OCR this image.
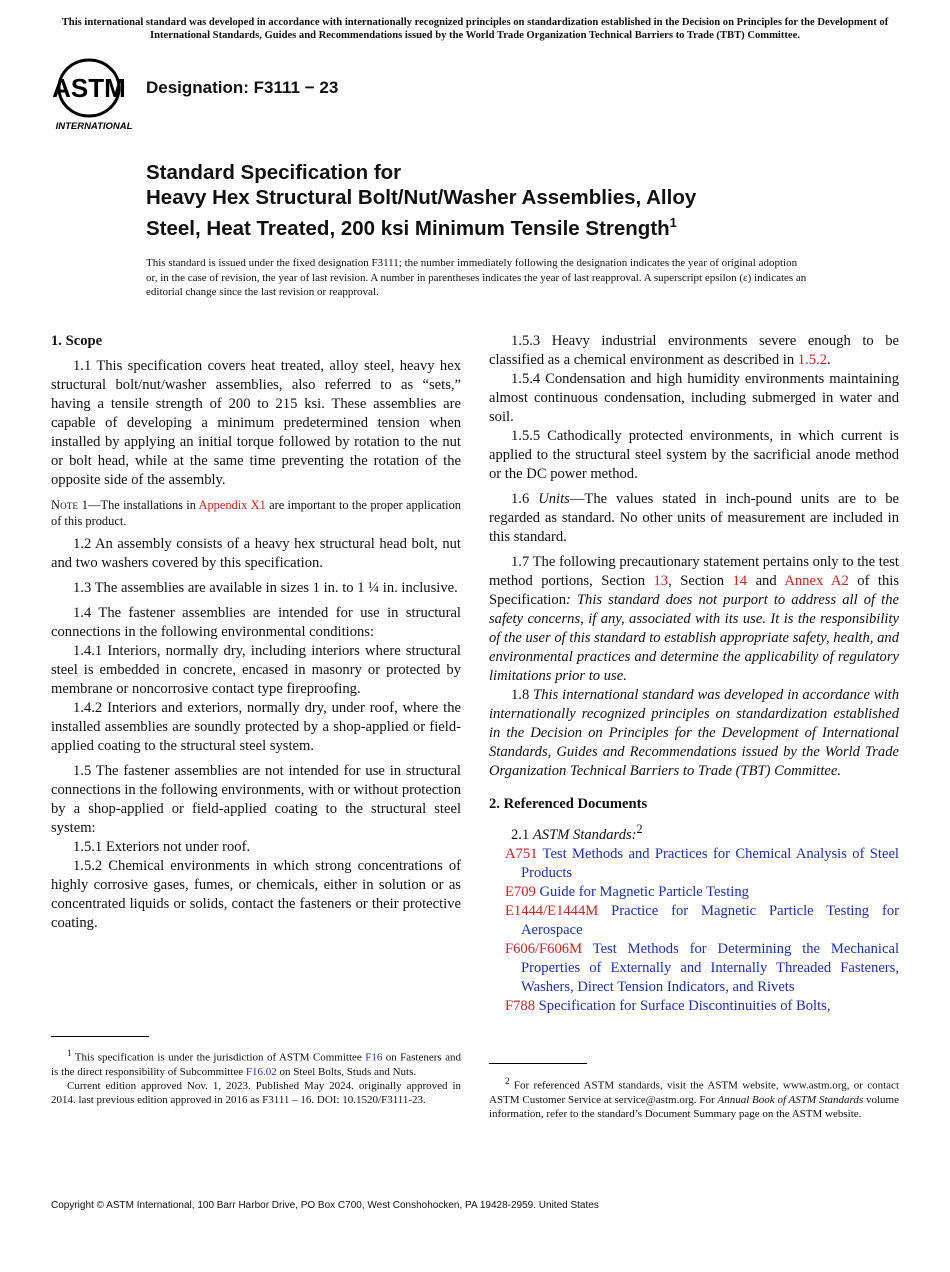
This international standard was developed in accordance with internationally recognized principles on standardization established in the Decision on Principles for the Development of International Standards, Guides and Recommendations issued by the World Trade Organization Technical Barriers to Trade (TBT) Committee.
ASTM
INTERNATIONAL
Designation: F3111 − 23
Standard Specification for
Heavy Hex Structural Bolt/Nut/Washer Assemblies, Alloy
Steel, Heat Treated, 200 ksi Minimum Tensile Strength$^1$
This standard is issued under the fixed designation F3111; the number immediately following the designation indicates the year of original adoption or, in the case of revision, the year of last revision. A number in parentheses indicates the year of last reapproval. A superscript epsilon (ε) indicates an editorial change since the last revision or reapproval.
1. Scope

1.1 This specification covers heat treated, alloy steel, heavy hex structural bolt/nut/washer assemblies, also referred to as “sets,” having a tensile strength of 200 to 215 ksi. These assemblies are capable of developing a minimum predetermined tension when installed by applying an initial torque followed by rotation to the nut or bolt head, while at the same time preventing the rotation of the opposite side of the assembly.

Note 1—The installations in Appendix X1 are important to the proper application of this product.

1.2 An assembly consists of a heavy hex structural head bolt, nut and two washers covered by this specification.

1.3 The assemblies are available in sizes 1 in. to 1 ¼ in. inclusive.

1.4 The fastener assemblies are intended for use in structural connections in the following environmental conditions:

1.4.1 Interiors, normally dry, including interiors where structural steel is embedded in concrete, encased in masonry or protected by membrane or noncorrosive contact type fireproofing.

1.4.2 Interiors and exteriors, normally dry, under roof, where the installed assemblies are soundly protected by a shop-applied or field-applied coating to the structural steel system.

1.5 The fastener assemblies are not intended for use in structural connections in the following environments, with or without protection by a shop-applied or field-applied coating to the structural steel system:

1.5.1 Exteriors not under roof.

1.5.2 Chemical environments in which strong concentrations of highly corrosive gases, fumes, or chemicals, either in solution or as concentrated liquids or solids, contact the fasteners or their protective coating.

1.5.3 Heavy industrial environments severe enough to be classified as a chemical environment as described in 1.5.2.

1.5.4 Condensation and high humidity environments maintaining almost continuous condensation, including submerged in water and soil.

1.5.5 Cathodically protected environments, in which current is applied to the structural steel system by the sacrificial anode method or the DC power method.

1.6 Units—The values stated in inch-pound units are to be regarded as standard. No other units of measurement are included in this standard.

1.7 The following precautionary statement pertains only to the test method portions, Section 13, Section 14 and Annex A2 of this Specification: This standard does not purport to address all of the safety concerns, if any, associated with its use. It is the responsibility of the user of this standard to establish appropriate safety, health, and environmental practices and determine the applicability of regulatory limitations prior to use.

1.8 This international standard was developed in accordance with internationally recognized principles on standardization established in the Decision on Principles for the Development of International Standards, Guides and Recommendations issued by the World Trade Organization Technical Barriers to Trade (TBT) Committee.

2. Referenced Documents

2.1 ASTM Standards:$^2$

A751 Test Methods and Practices for Chemical Analysis of Steel Products
E709 Guide for Magnetic Particle Testing
E1444/E1444M Practice for Magnetic Particle Testing for Aerospace
F606/F606M Test Methods for Determining the Mechanical Properties of Externally and Internally Threaded Fasteners, Washers, Direct Tension Indicators, and Rivets
F788 Specification for Surface Discontinuities of Bolts,

$^1$ This specification is under the jurisdiction of ASTM Committee F16 on Fasteners and is the direct responsibility of Subcommittee F16.02 on Steel Bolts, Studs and Nuts.

Current edition approved Nov. 1, 2023. Published May 2024. originally approved in 2014. last previous edition approved in 2016 as F3111 – 16. DOI: 10.1520/F3111-23.

$^2$ For referenced ASTM standards, visit the ASTM website, www.astm.org, or contact ASTM Customer Service at service@astm.org. For Annual Book of ASTM Standards volume information, refer to the standard’s Document Summary page on the ASTM website.

Copyright © ASTM International, 100 Barr Harbor Drive, PO Box C700, West Conshohocken, PA 19428-2959. United States
